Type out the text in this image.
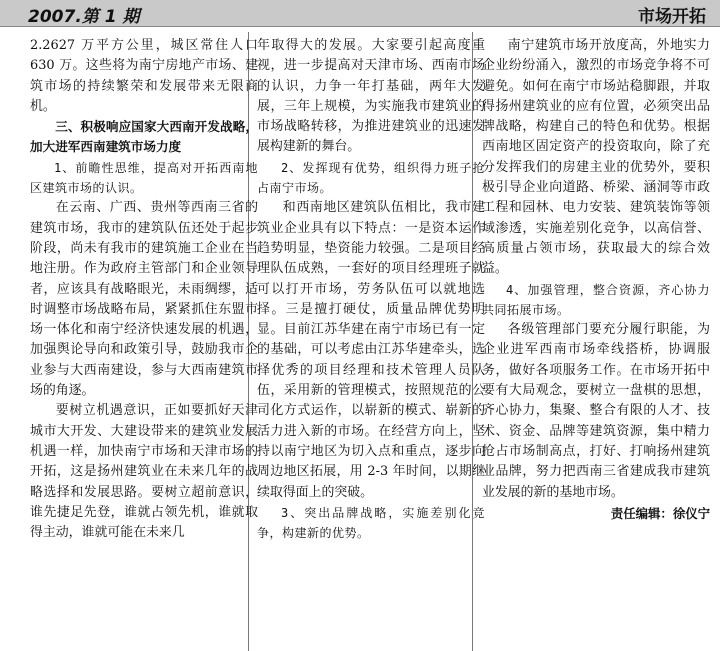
2007.第 1 期	市场开拓

2.2627 万平方公里，城区常住人口 630 万。这些将为南宁房地产市场、建筑市场的持续繁荣和发展带来无限商机。

三、积极响应国家大西南开发战略，加大进军西南建筑市场力度

1、前瞻性思维，提高对开拓西南地区建筑市场的认识。

在云南、广西、贵州等西南三省的建筑市场，我市的建筑队伍还处于起步阶段，尚未有我市的建筑施工企业在当地注册。作为政府主管部门和企业领导者，应该具有战略眼光，未雨绸缪，适时调整市场战略布局，紧紧抓住东盟市场一体化和南宁经济快速发展的机遇，加强舆论导向和政策引导，鼓励我市企业参与大西南建设，参与大西南建筑市场的角逐。

要树立机遇意识，正如要抓好天津城市大开发、大建设带来的建筑业发展机遇一样，加快南宁市场和天津市场的开拓，这是扬州建筑业在未来几年的战略选择和发展思路。要树立超前意识，谁先捷足先登，谁就占领先机，谁就取得主动，谁就可能在未来几

年取得大的发展。大家要引起高度重视，进一步提高对天津市场、西南市场的认识，力争一年打基础，两年大发展，三年上规模，为实施我市建筑业的市场战略转移，为推进建筑业的迅速发展构建新的舞台。

2、发挥现有优势，组织得力班子抢占南宁市场。

和西南地区建筑队伍相比，我市建筑业企业具有以下特点：一是资本运作趋势明显，垫资能力较强。二是项目经理队伍成熟，一套好的项目经理班子就可以打开市场，劳务队伍可以就地选择。三是擅打硬仗，质量品牌优势明显。目前江苏华建在南宁市场已有一定的基础，可以考虑由江苏华建牵头，选择优秀的项目经理和技术管理人员队伍，采用新的管理模式，按照规范的公司化方式运作，以崭新的模式、崭新的活力进入新的市场。在经营方向上，坚持以南宁地区为切入点和重点，逐步向周边地区拓展，用 2-3 年时间，以期继续取得面上的突破。

3、突出品牌战略，实施差别化竞争，构建新的优势。

南宁建筑市场开放度高，外地实力企业纷纷涌入，激烈的市场竞争将不可避免。如何在南宁市场站稳脚跟，并取得扬州建筑业的应有位置，必须突出品牌战略，构建自己的特色和优势。根据西南地区固定资产的投资取向，除了充分发挥我们的房建主业的优势外，要积极引导企业向道路、桥梁、涵洞等市政工程和园林、电力安装、建筑装饰等领域渗透，实施差别化竞争，以高信誉、高质量占领市场，获取最大的综合效益。

4、加强管理，整合资源，齐心协力共同拓展市场。

各级管理部门要充分履行职能，为企业进军西南市场牵线搭桥，协调服务，做好各项服务工作。在市场开拓中要有大局观念，要树立一盘棋的思想，齐心协力，集聚、整合有限的人才、技术、资金、品牌等建筑资源，集中精力抢占市场制高点，打好、打响扬州建筑业品牌，努力把西南三省建成我市建筑业发展的新的基地市场。

责任编辑：徐仪宁
